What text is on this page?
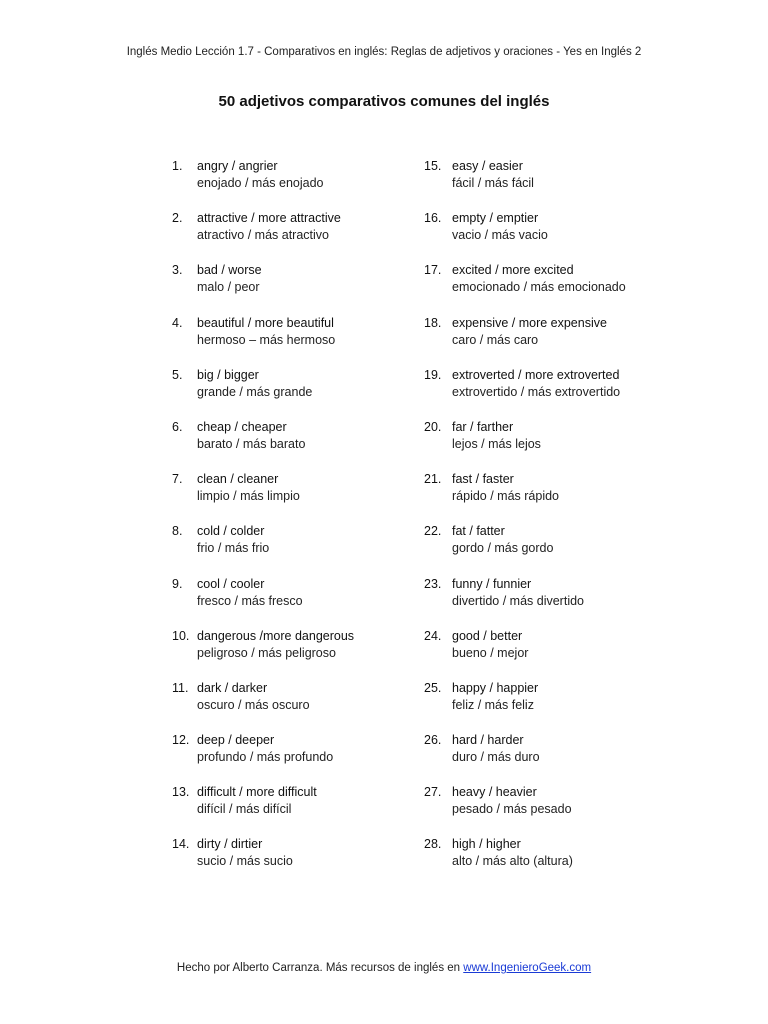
Inglés Medio Lección 1.7 - Comparativos en inglés: Reglas de adjetivos y oraciones - Yes en Inglés 2
50 adjetivos comparativos comunes del inglés
1.	angry / angrier
enojado / más enojado
2.	attractive / more attractive
atractivo / más atractivo
3.	bad / worse
malo / peor
4.	beautiful / more beautiful
hermoso – más hermoso
5.	big / bigger
grande / más grande
6.	cheap / cheaper
barato / más barato
7.	clean / cleaner
limpio / más limpio
8.	cold / colder
frio / más frio
9.	cool / cooler
fresco / más fresco
10. dangerous /more dangerous
peligroso / más peligroso
11. dark / darker
oscuro / más oscuro
12. deep / deeper
profundo / más profundo
13. difficult / more difficult
difícil / más difícil
14. dirty / dirtier
sucio / más sucio
15. easy / easier
fácil / más fácil
16. empty / emptier
vacio / más vacio
17. excited / more excited
emocionado / más emocionado
18. expensive / more expensive
caro / más caro
19. extroverted / more extroverted
extrovertido / más extrovertido
20. far / farther
lejos / más lejos
21. fast / faster
rápido / más rápido
22. fat / fatter
gordo / más gordo
23. funny / funnier
divertido / más divertido
24. good / better
bueno / mejor
25. happy / happier
feliz / más feliz
26. hard / harder
duro / más duro
27. heavy / heavier
pesado / más pesado
28. high / higher
alto / más alto (altura)
Hecho por Alberto Carranza. Más recursos de inglés en www.IngenieroGeek.com
